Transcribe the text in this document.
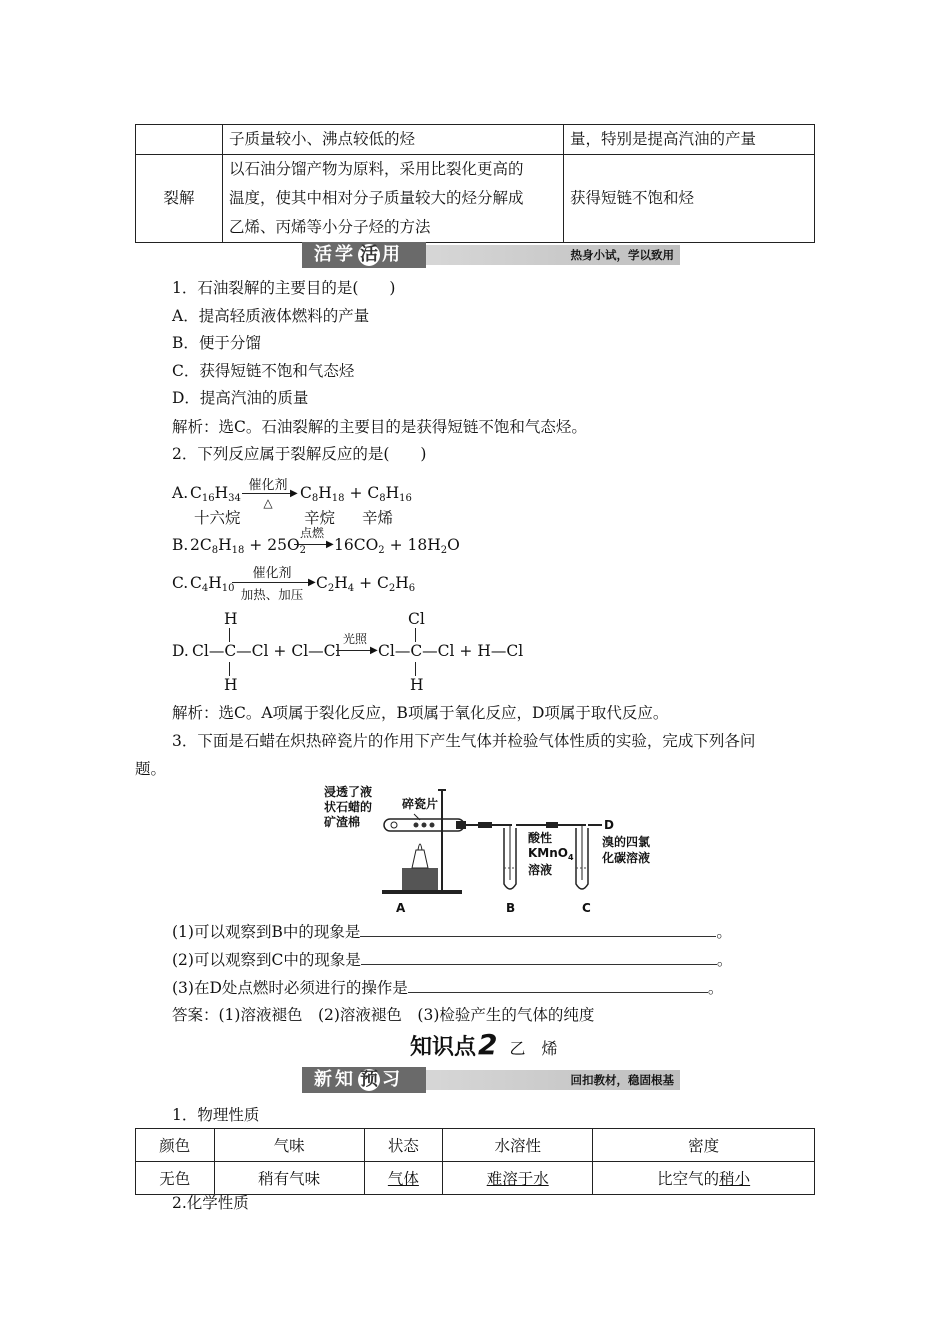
	子质量较小、沸点较低的烃	量，特别是提高汽油的产量
裂解	以石油分馏产物为原料，采用比裂化更高的
温度，使其中相对分子质量较大的烃分解成
乙烯、丙烯等小分子烃的方法	获得短链不饱和烃
活学 活 用	热身小试，学以致用
1．石油裂解的主要目的是(　　)
A．提高轻质液体燃料的产量
B．便于分馏
C．获得短链不饱和气态烃
D．提高汽油的质量
解析：选C。石油裂解的主要目的是获得短链不饱和气态烃。
2．下列反应属于裂解反应的是(　　)
A. $C_{16}H_{34}$
催化剂
▶
△
$C_8H_{18} + C_8H_{16}$
十六烷	辛烷 辛烯
B. $2C_8H_{18} + 25O_2$
点燃
▶ $16CO_2 + 18H_2O$
C. $C_4H_{10}$
催化剂
▶
加热、加压
$C_2H_4 + C_2H_6$
D.
H
Cl—C—Cl + Cl—Cl
H
光照
▶
Cl
Cl—C—Cl + H—Cl
H
解析：选C。A项属于裂化反应，B项属于氧化反应，D项属于取代反应。
3．下面是石蜡在炽热碎瓷片的作用下产生气体并检验气体性质的实验，完成下列各问
题。
浸透了液
状石蜡的
矿渣棉
碎瓷片
酸性
KMnO$_4$
溶液
溴的四氯
化碳溶液
D
A	B	C
(1)可以观察到B中的现象是	。
(2)可以观察到C中的现象是	。
(3)在D处点燃时必须进行的操作是	。
答案：(1)溶液褪色　(2)溶液褪色　(3)检验产生的气体的纯度
知识点2 乙　烯
新知 预 习	回扣教材，稳固根基
1．物理性质
颜色	气味	状态	水溶性	密度
无色	稍有气味	气体	难溶于水	比空气的稍小
2.化学性质
